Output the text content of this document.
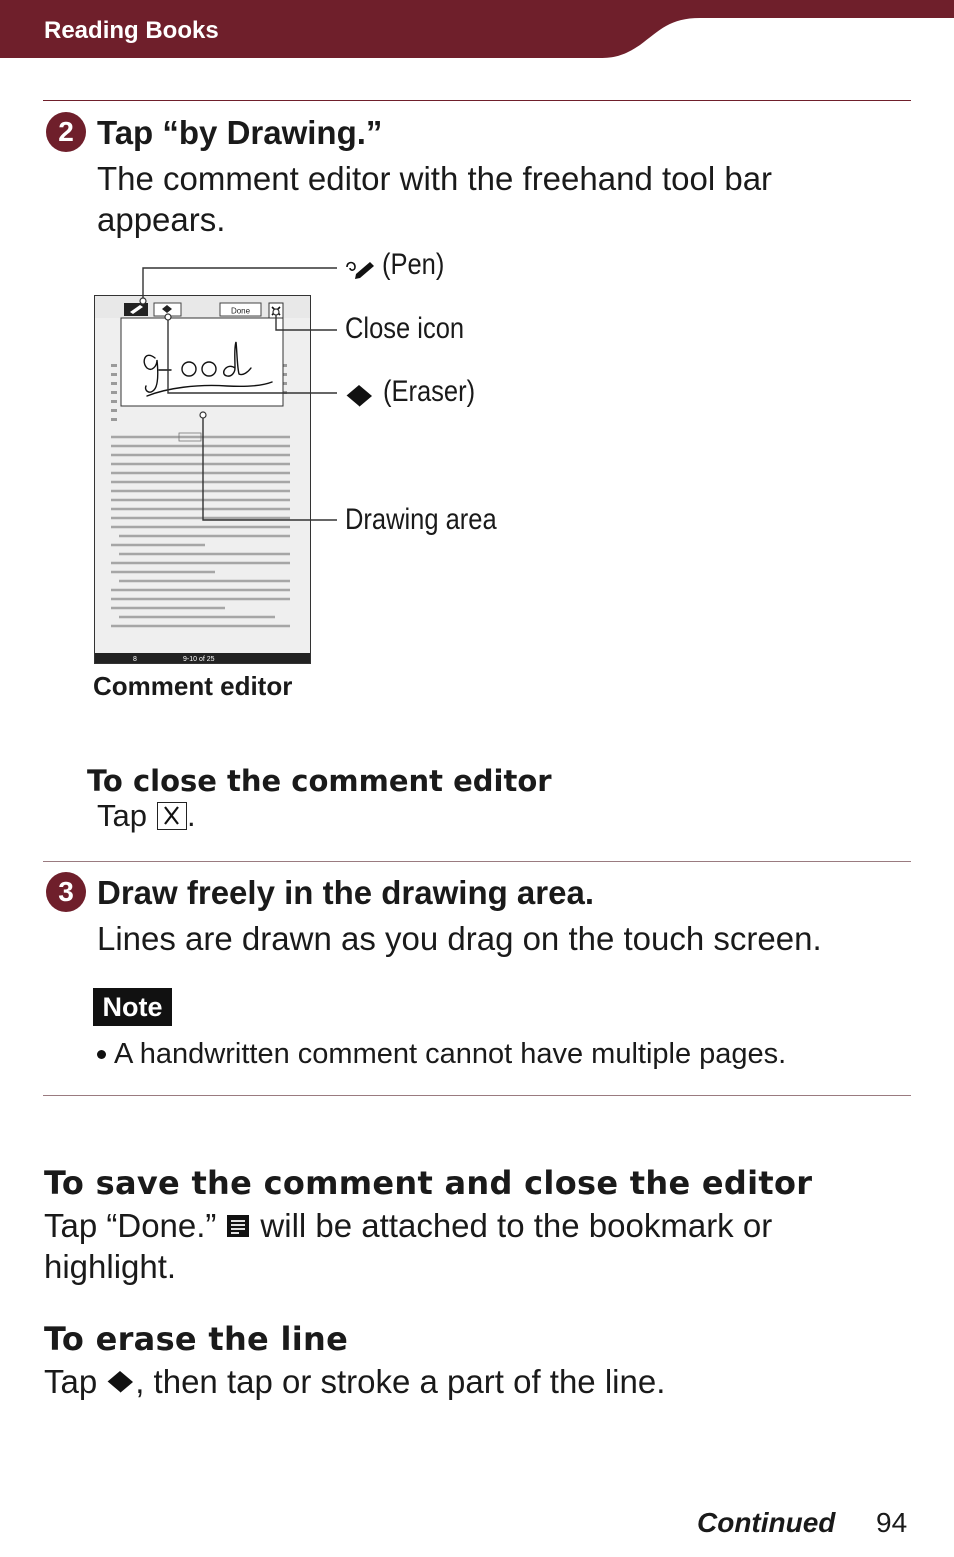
Reading Books
2 Tap “by Drawing.”
The comment editor with the freehand tool bar
appears.
8	9-10 of 25
Done
(Pen)
Close icon
(Eraser)
Drawing area
Comment editor
To close the comment editor
Tap .
3 Draw freely in the drawing area.
Lines are drawn as you drag on the touch screen.
Note
A handwritten comment cannot have multiple pages.
To save the comment and close the editor
Tap “Done.” will be attached to the bookmark or
highlight.
To erase the line
Tap , then tap or stroke a part of the line.
Continued 94
